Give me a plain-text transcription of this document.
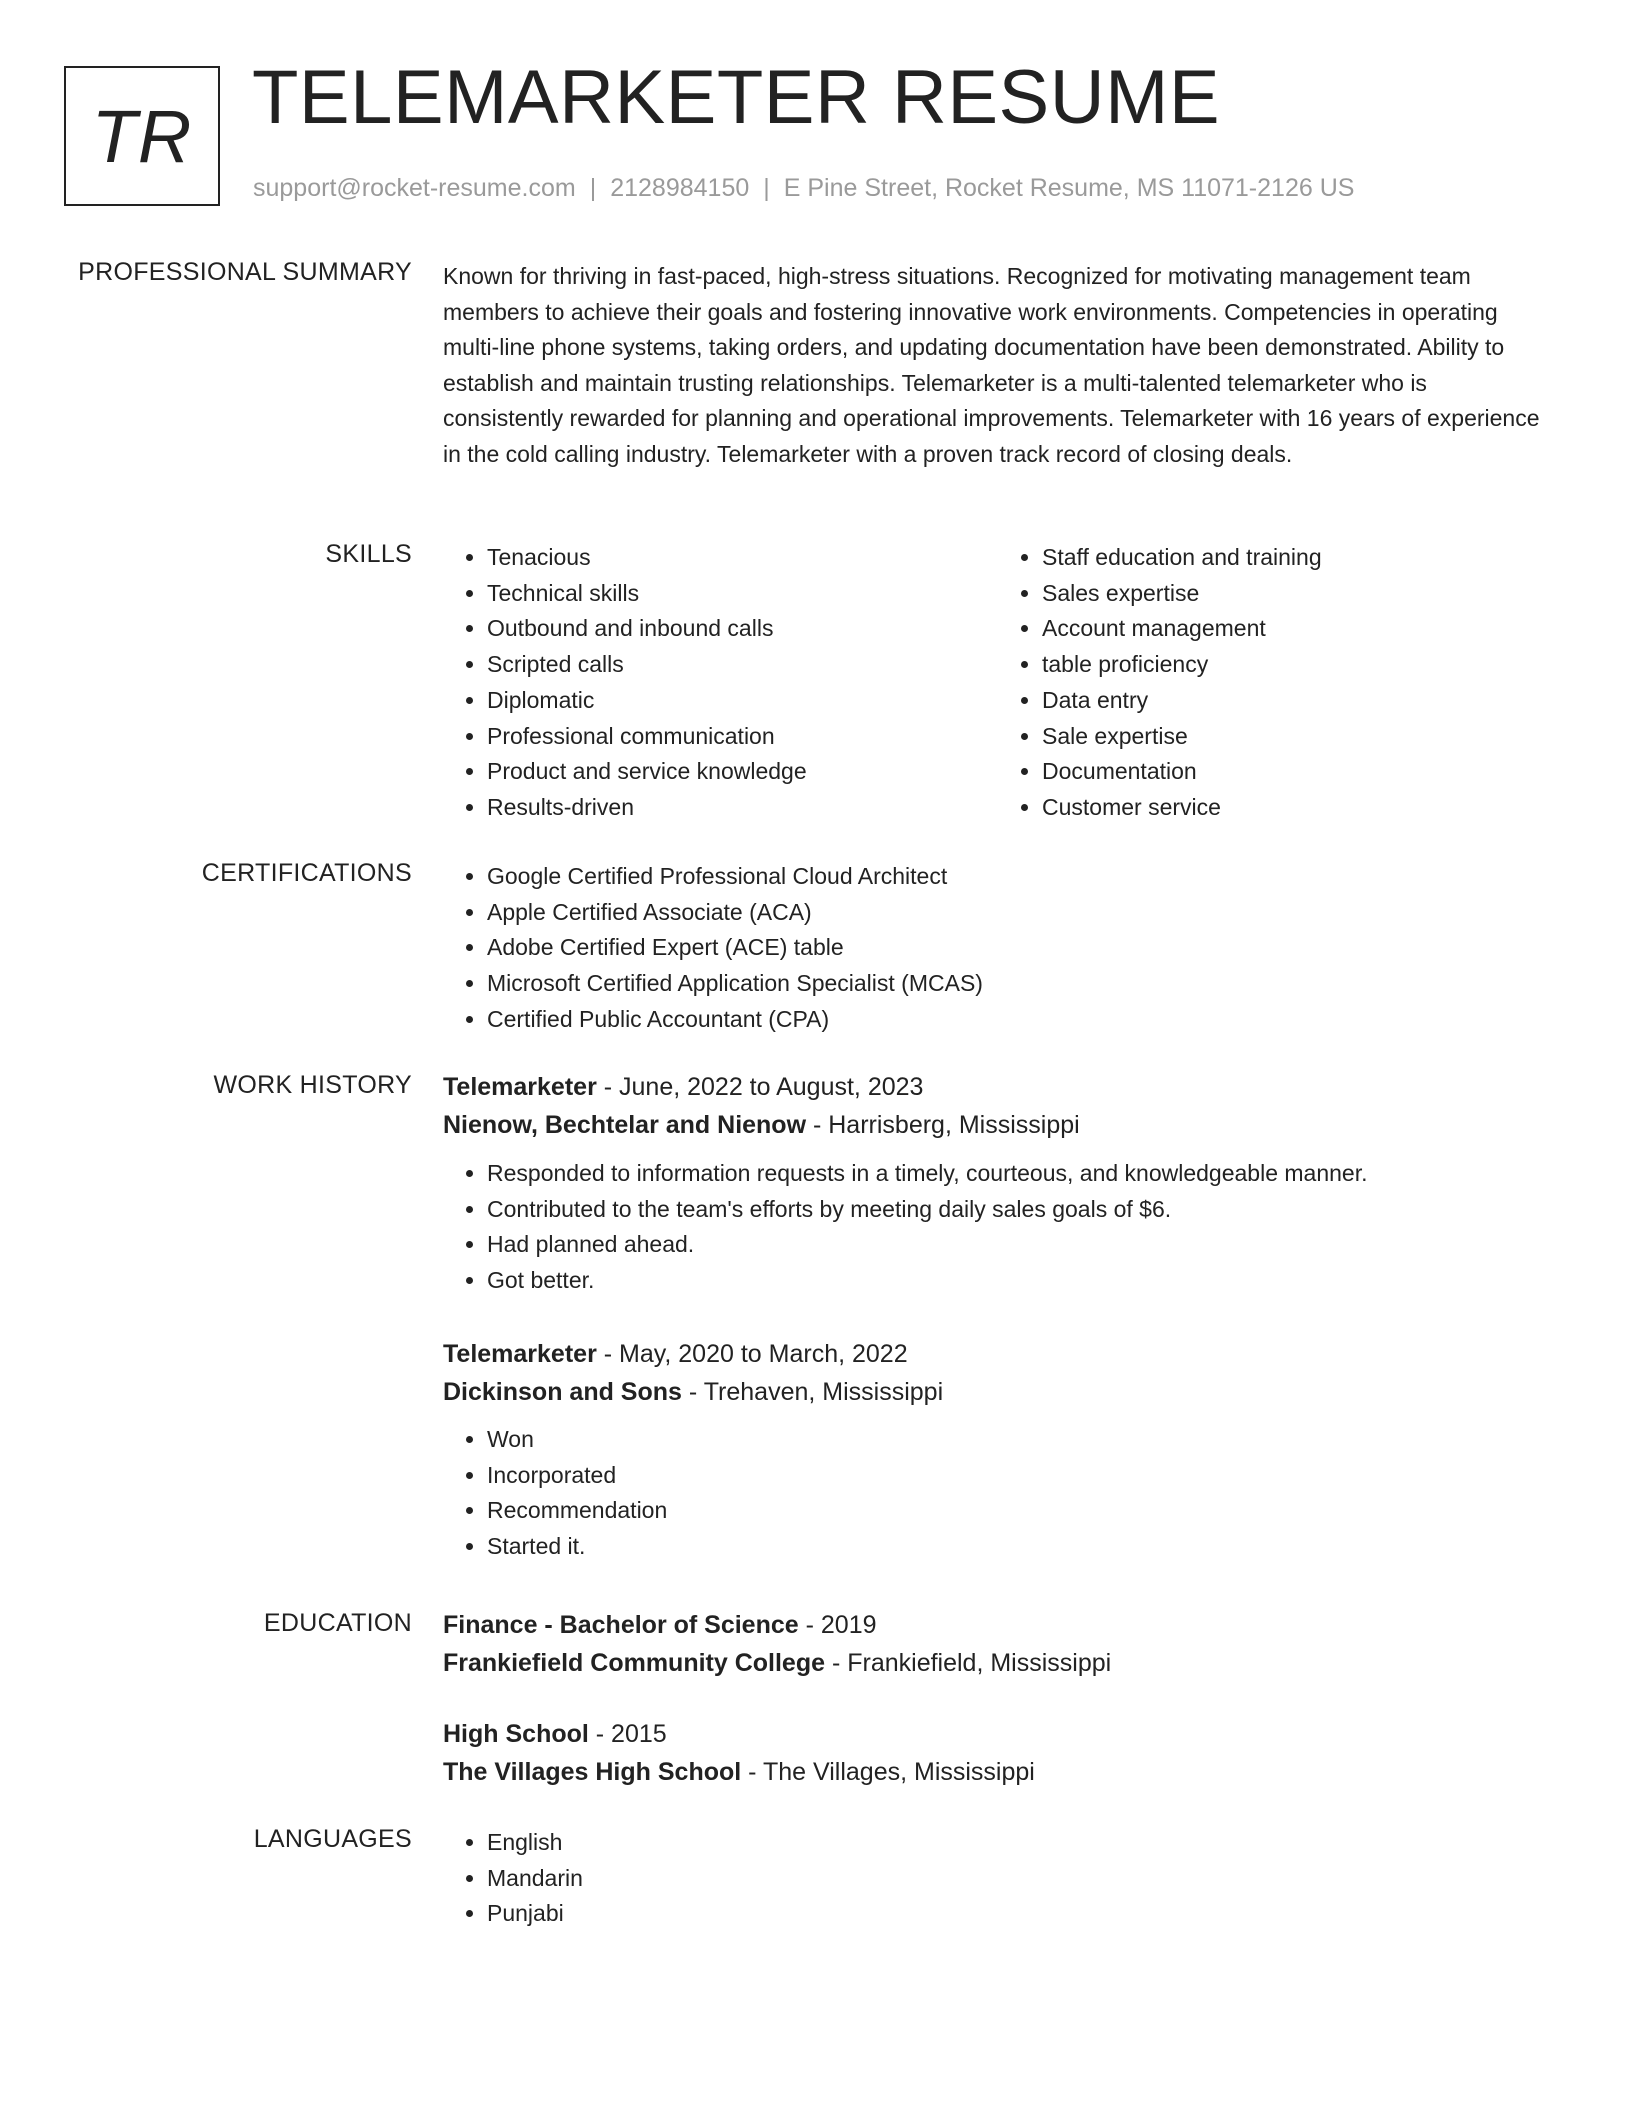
TR TELEMARKETER RESUME
support@rocket-resume.com | 2128984150 | E Pine Street, Rocket Resume, MS 11071-2126 US
PROFESSIONAL SUMMARY Known for thriving in fast-paced, high-stress situations. Recognized for motivating management team members to achieve their goals and fostering innovative work environments. Competencies in operating multi-line phone systems, taking orders, and updating documentation have been demonstrated. Ability to establish and maintain trusting relationships. Telemarketer is a multi-talented telemarketer who is consistently rewarded for planning and operational improvements. Telemarketer with 16 years of experience in the cold calling industry. Telemarketer with a proven track record of closing deals.
SKILLS	• Tenacious
• Technical skills
• Outbound and inbound calls
• Scripted calls
• Diplomatic
• Professional communication
• Product and service knowledge
• Results-driven
• Staff education and training
• Sales expertise
• Account management
• table proficiency
• Data entry
• Sale expertise
• Documentation
• Customer service
CERTIFICATIONS	• Google Certified Professional Cloud Architect
• Apple Certified Associate (ACA)
• Adobe Certified Expert (ACE) table
• Microsoft Certified Application Specialist (MCAS)
• Certified Public Accountant (CPA)
WORK HISTORY Telemarketer - June, 2022 to August, 2023
Nienow, Bechtelar and Nienow - Harrisberg, Mississippi
• Responded to information requests in a timely, courteous, and knowledgeable manner.
• Contributed to the team's efforts by meeting daily sales goals of $6.
• Had planned ahead.
• Got better.
Telemarketer - May, 2020 to March, 2022
Dickinson and Sons - Trehaven, Mississippi
• Won
• Incorporated
• Recommendation
• Started it.
EDUCATION Finance - Bachelor of Science - 2019
Frankiefield Community College - Frankiefield, Mississippi
High School - 2015
The Villages High School - The Villages, Mississippi
LANGUAGES	• English
• Mandarin
• Punjabi
